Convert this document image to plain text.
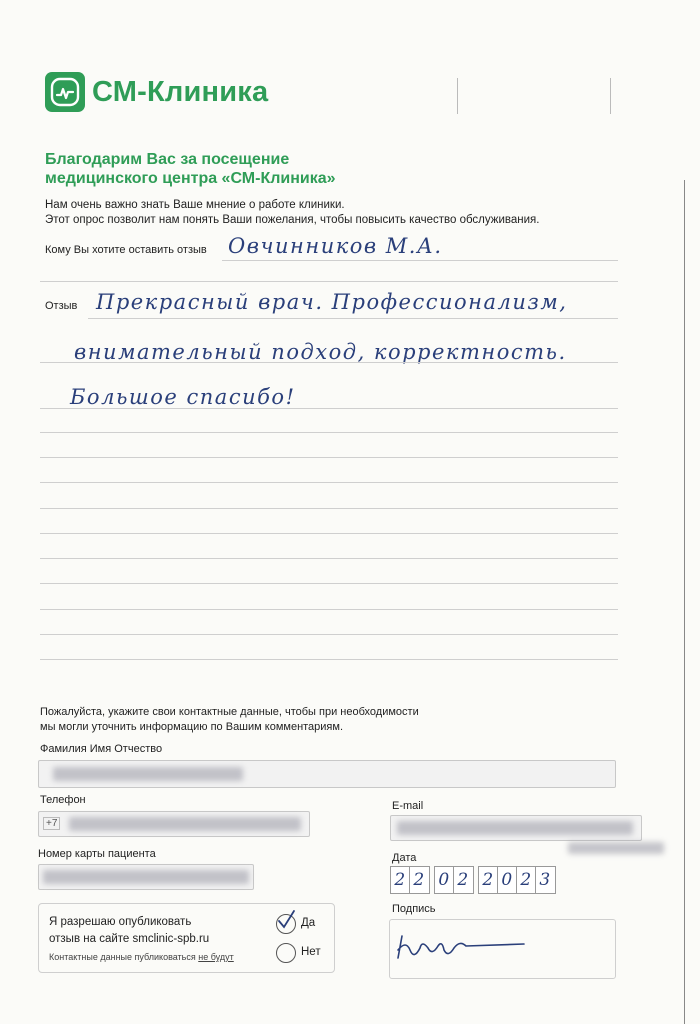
СМ-Клиника
Благодарим Вас за посещение
медицинского центра «СМ-Клиника»
Нам очень важно знать Ваше мнение о работе клиники.
Этот опрос позволит нам понять Ваши пожелания, чтобы повысить качество обслуживания.
Кому Вы хотите оставить отзыв Овчинников М.А.
Отзыв Прекрасный врач. Профессионализм,
внимательный подход, корректность.
Большое спасибо!
Пожалуйста, укажите свои контактные данные, чтобы при необходимости
мы могли уточнить информацию по Вашим комментариям.
Фамилия Имя Отчество
Телефон
+7
E-mail
Номер карты пациента	Дата
2 2 0 2 2 0 2 3
Я разрешаю опубликовать
отзыв на сайте smclinic-spb.ru
Контактные данные публиковаться не будут
Да
Нет
Подпись
